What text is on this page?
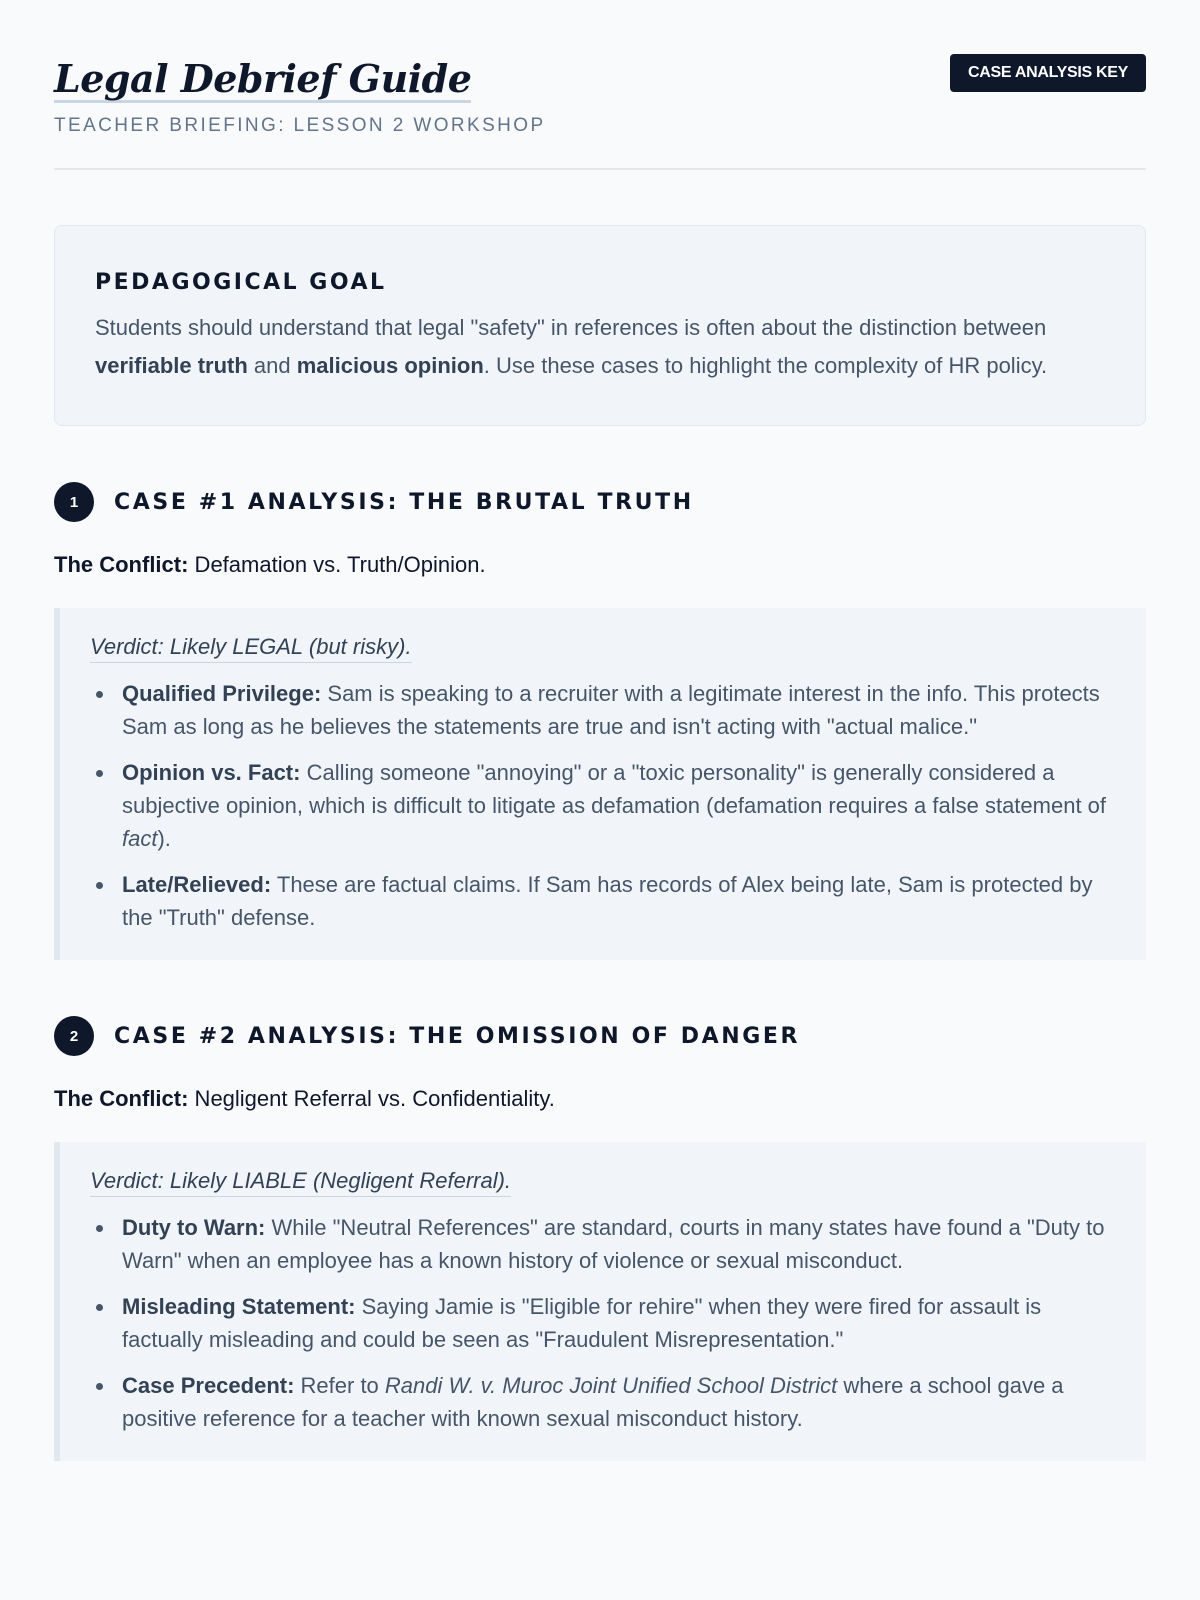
Legal Debrief Guide
TEACHER BRIEFING: LESSON 2 WORKSHOP
CASE ANALYSIS KEY
PEDAGOGICAL GOAL

Students should understand that legal "safety" in references is often about the distinction between verifiable truth and malicious opinion. Use these cases to highlight the complexity of HR policy.

1	CASE #1 ANALYSIS: THE BRUTAL TRUTH

The Conflict: Defamation vs. Truth/Opinion.

Verdict: Likely LEGAL (but risky).
Qualified Privilege: Sam is speaking to a recruiter with a legitimate interest in the info. This protects Sam as long as he believes the statements are true and isn't acting with "actual malice."
Opinion vs. Fact: Calling someone "annoying" or a "toxic personality" is generally considered a subjective opinion, which is difficult to litigate as defamation (defamation requires a false statement of fact).
Late/Relieved: These are factual claims. If Sam has records of Alex being late, Sam is protected by the "Truth" defense.
2	CASE #2 ANALYSIS: THE OMISSION OF DANGER

The Conflict: Negligent Referral vs. Confidentiality.

Verdict: Likely LIABLE (Negligent Referral).
Duty to Warn: While "Neutral References" are standard, courts in many states have found a "Duty to Warn" when an employee has a known history of violence or sexual misconduct.
Misleading Statement: Saying Jamie is "Eligible for rehire" when they were fired for assault is factually misleading and could be seen as "Fraudulent Misrepresentation."
Case Precedent: Refer to Randi W. v. Muroc Joint Unified School District where a school gave a positive reference for a teacher with known sexual misconduct history.
